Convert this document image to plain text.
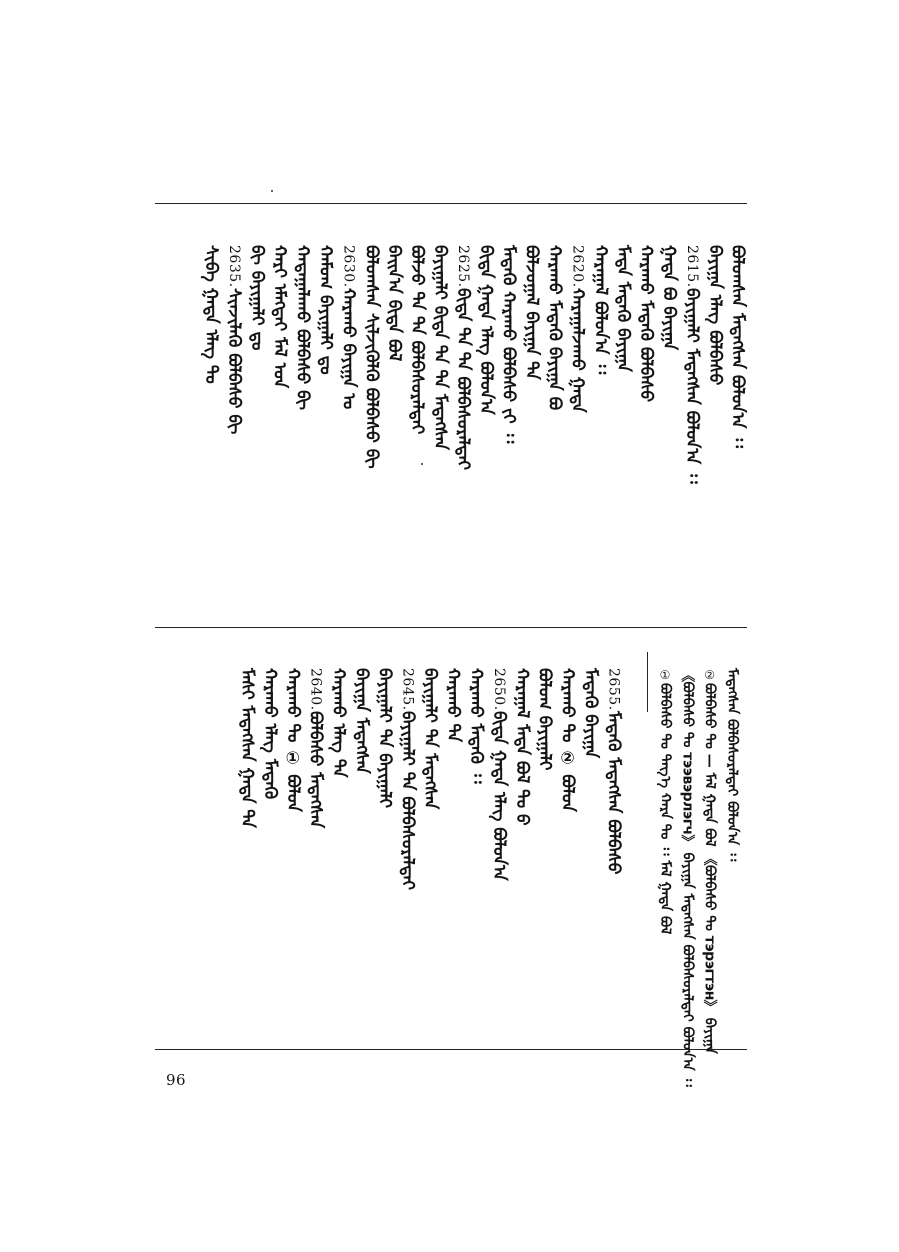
ᠰᠢᠪᠠ ᠭᠠᠳᠠ ᠡᠯᠡᠭ ᠲᠤ 2635.
ᠰᠢᠨᠵᠢᠯᠡᠬᠦ ᠪᠣᠯᠪᠠᠰᠤ ᠪᠢ ᠪᠢ ᠪᠠᠶᠢᠭᠠᠯᠢ ᠳᠤ ᠬᠠᠷᠢ ᠡᠮᠡᠭᠲᠡᠢ ᠮᠠᠯ ᠤᠨ ᠬᠠᠳᠠᠭᠠᠯᠠᠬᠤ ᠪᠣᠯᠪᠠᠰᠤ ᠪᠢ ᠬᠠᠮᠤᠭ ᠪᠠᠶᠢᠭᠠᠯᠢ ᠳᠤ 2630.
ᠬᠠᠷᠠᠬᠤ ᠪᠠᠶᠢᠭᠠ ᠤ ᠪᠣᠯᠣᠭᠰᠠᠨ ᠰᠢᠯᠵᠢᠭᠦᠯᠬᠦ ᠪᠣᠯᠪᠠᠰᠤ ᠪᠢ ᠪᠠᠢᠨ᠎ᠠ ᠪᠢᠳᠡ ᠪᠣᠯ ᠪᠣᠯᠵᠤ ᠲᠠ ᠲᠠ ᠪᠣᠯᠪᠠᠰᠤᠷᠠᠯᠲᠠᠢ ᠪᠠᠶᠢᠭᠠᠯᠢ ᠪᠢᠳᠡ ᠲᠠ ᠲᠠ ᠮᠡᠳᠡᠭᠰᠡᠨ 2625.
ᠪᠢᠳᠡ ᠲᠠ ᠲᠠ ᠪᠣᠯᠪᠠᠰᠤᠷᠠᠯᠲᠠᠢ ᠪᠢᠳᠡ ᠭᠠᠳᠠ ᠡᠯᠡᠭ ᠪᠣᠯᠣᠨ᠎ᠠ ᠮᠡᠳᠡᠬᠦ ᠬᠠᠷᠠᠬᠤ ᠪᠣᠯᠪᠠᠰᠤ ᠵᠢ ᠄᠄ ᠪᠣᠯᠵᠤᠭᠠᠯ ᠪᠠᠶᠢᠭᠠ ᠲᠠ ᠬᠠᠷᠠᠬᠤ ᠮᠡᠳᠡᠬᠦ ᠪᠠᠶᠢᠭᠠ ᠪᠣ 2620.
ᠬᠠᠷᠠᠭᠠᠯᠵᠠᠬᠤ ᠭᠠᠳᠠ ᠬᠠᠷᠠᠭᠠᠯ ᠪᠣᠯᠤᠨ᠎ᠠ ᠄᠄ ᠮᠡᠳᠡ ᠮᠡᠳᠡᠬᠦ ᠪᠠᠶᠢᠭᠠ ᠬᠠᠷᠠᠬᠤ ᠮᠡᠳᠡᠬᠦ ᠪᠣᠯᠪᠠᠰᠤ ᠭᠠᠳᠠ ᠪᠣ ᠪᠠᠶᠢᠭᠠ 2615.
ᠪᠠᠶᠢᠭᠠᠯᠢ ᠮᠡᠳᠡᠭᠰᠡᠨ ᠪᠣᠯᠤᠨ᠎ᠠ ᠄᠄ ᠪᠠᠶᠢᠭᠠ ᠡᠯᠡᠭ ᠪᠣᠯᠪᠠᠰᠤ ᠪᠣᠯᠣᠭᠰᠠᠨ ᠮᠡᠳᠡᠭᠰᠡᠨ ᠪᠣᠯᠤᠨ᠎ᠠ ᠄᠄
ᠮᠠᠰᠢ ᠮᠡᠳᠡᠭᠰᠡᠨ ᠭᠠᠳᠠ ᠲᠠ ᠬᠠᠷᠠᠬᠤ ᠡᠯᠡᠭ ᠮᠡᠳᠡᠬᠦ ᠬᠠᠷᠠᠬᠤ ᠲᠤ ① ᠪᠣᠯᠣᠨ 2640.
ᠪᠣᠯᠪᠠᠰᠤ ᠮᠡᠳᠡᠭᠰᠡᠨ ᠬᠠᠷᠠᠬᠤ ᠡᠯᠡᠭ ᠲᠠ ᠪᠠᠶᠢᠭᠠ ᠮᠡᠳᠡᠭᠰᠡᠨ ᠪᠠᠶᠢᠭᠠᠯᠢ ᠲᠠ ᠪᠠᠶᠢᠭᠠᠯᠢ 2645.
ᠪᠠᠶᠢᠭᠠᠯᠢ ᠲᠠ ᠪᠣᠯᠪᠠᠰᠤᠷᠠᠯᠲᠠᠢ ᠪᠠᠶᠢᠭᠠᠯᠢ ᠲᠠ ᠮᠡᠳᠡᠭᠰᠡᠨ ᠬᠠᠷᠠᠬᠤ ᠲᠠ ᠬᠠᠷᠠᠬᠤ ᠮᠡᠳᠡᠬᠦ ᠄᠄ 2650.
ᠪᠢᠳᠡ ᠭᠠᠳᠠ ᠡᠯᠡᠭ ᠪᠣᠯᠣᠨ᠎ᠠ ᠬᠠᠷᠠᠭᠠᠯ ᠮᠡᠳᠡ ᠪᠣᠯ ᠲᠤ ᠪ ᠪᠣᠯᠣᠭ ᠪᠠᠶᠢᠭᠠᠯᠢ ᠬᠠᠷᠠᠬᠤ ᠲᠤ ② ᠪᠣᠯᠣᠨ ᠮᠡᠳᠡᠬᠦ ᠪᠠᠶᠢᠭᠠ 2655.
ᠮᠡᠳᠡᠬᠦ ᠮᠡᠳᠡᠭᠰᠡᠨ ᠪᠣᠯᠪᠠᠰᠤ
①
ᠪᠣᠯᠪᠠᠰᠤ ᠲᠤ ᠲᠡᠭ᠎ᠡ ᠬᠠᠷᠠ ᠲᠤ ᠄᠄ ᠮᠠᠯ ᠭᠠᠳᠠ ᠪᠣᠯ 《ᠪᠣᠯᠪᠠᠰᠤ ᠲᠤ тээвэрлэгч》 ᠪᠠᠶᠢᠭᠠ ᠮᠡᠳᠡᠭᠰᠡᠨ ᠪᠣᠯᠪᠠᠰᠤᠷᠠᠯᠲᠠᠢ ᠪᠣᠯᠤᠨ᠎ᠠ ᠄᠄ ②
ᠪᠣᠯᠪᠠᠰᠤ ᠲᠤ — ᠮᠠᠯ ᠭᠠᠳᠠ ᠪᠣᠯ 《ᠪᠣᠯᠪᠠᠰᠤ ᠲᠤ тэрэгтэн》 ᠪᠠᠶᠢᠭᠠ ᠮᠡᠳᠡᠭᠰᠡᠨ ᠪᠣᠯᠪᠠᠰᠤᠷᠠᠯᠲᠠᠢ ᠪᠣᠯᠤᠨ᠎ᠠ ᠄᠄
96
